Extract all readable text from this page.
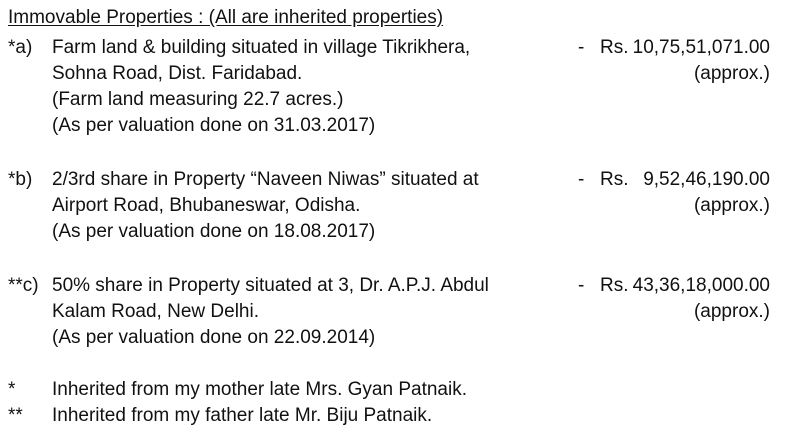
Immovable Properties : (All are inherited properties)
*a) Farm land & building situated in village Tikrikhera,
Sohna Road, Dist. Faridabad.
(Farm land measuring 22.7 acres.)
(As per valuation done on 31.03.2017)
- Rs. 10,75,51,071.00
(approx.)
*b) 2/3rd share in Property “Naveen Niwas” situated at
Airport Road, Bhubaneswar, Odisha.
(As per valuation done on 18.08.2017)
- Rs. 9,52,46,190.00
(approx.)
**c) 50% share in Property situated at 3, Dr. A.P.J. Abdul
Kalam Road, New Delhi.
(As per valuation done on 22.09.2014)
- Rs. 43,36,18,000.00
(approx.)
* Inherited from my mother late Mrs. Gyan Patnaik.
** Inherited from my father late Mr. Biju Patnaik.
